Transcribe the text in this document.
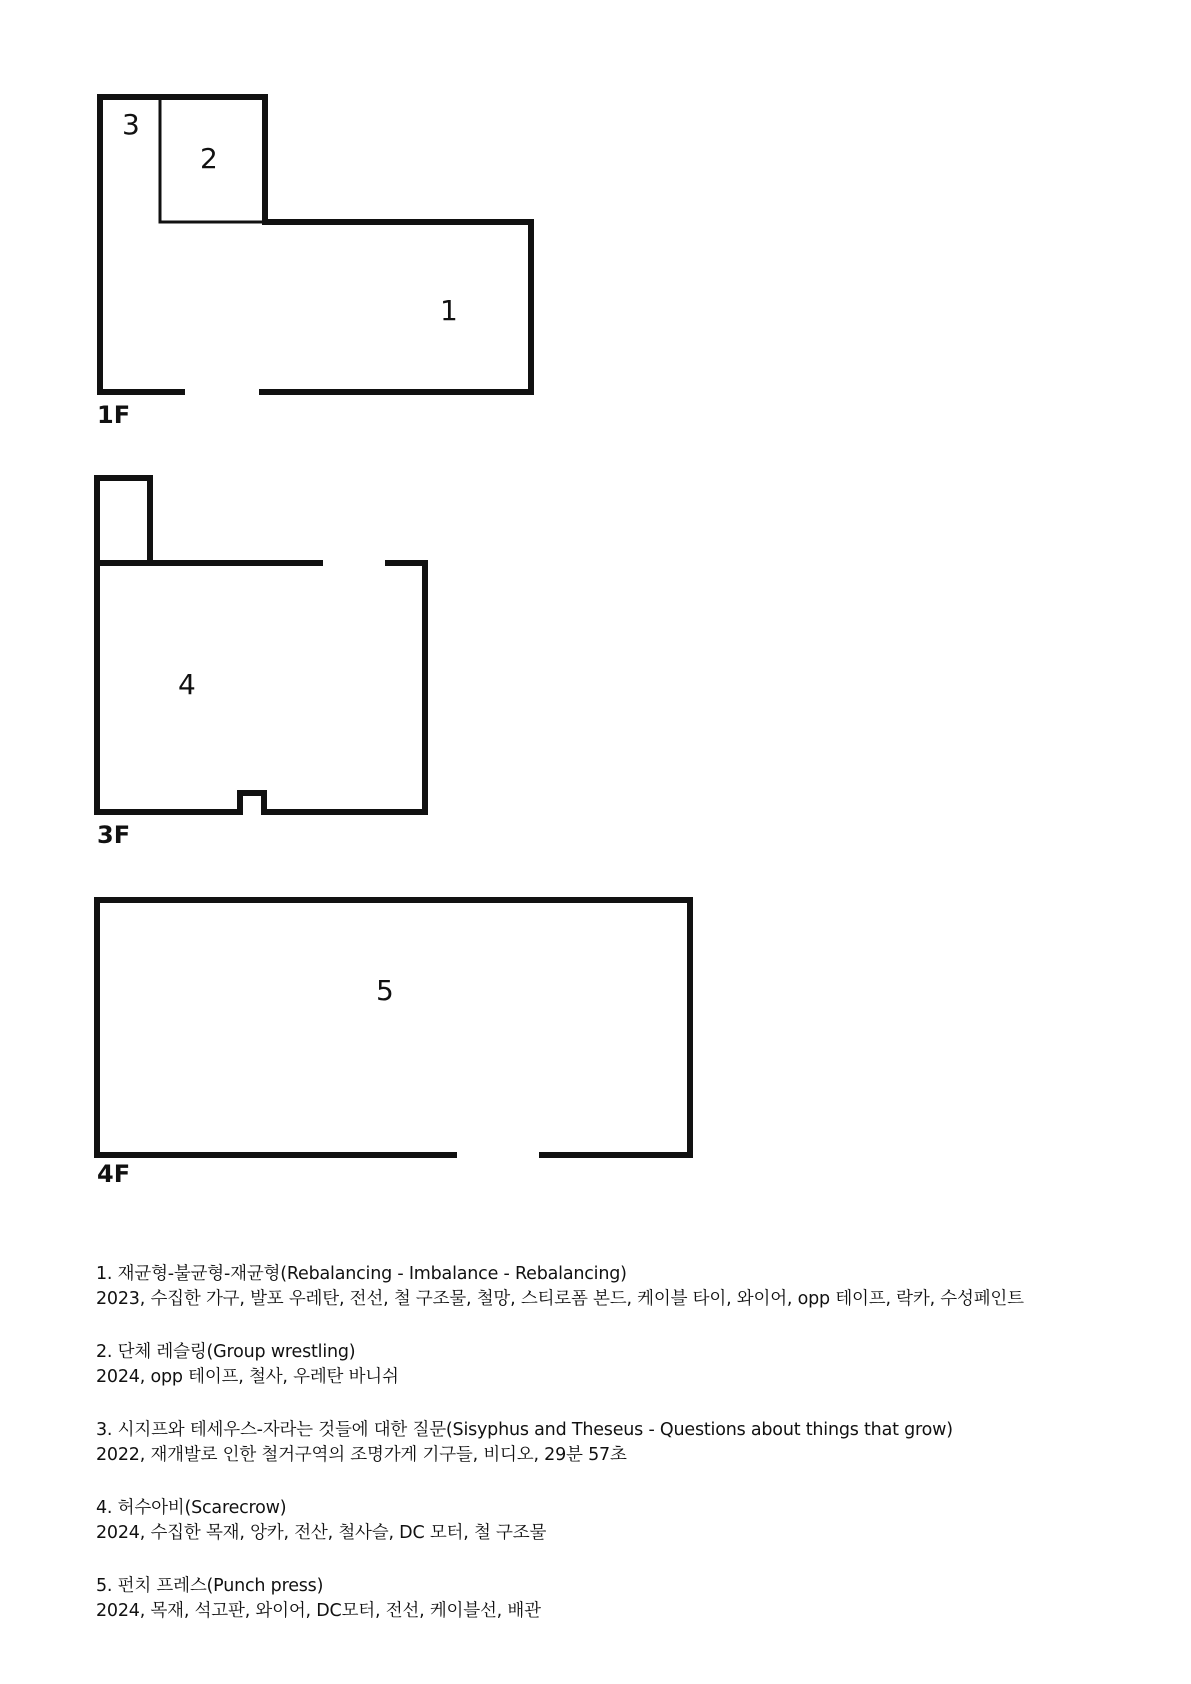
3
2
1
1F
4
3F
5
4F
1. 재균형-불균형-재균형(Rebalancing - Imbalance - Rebalancing)
2023, 수집한 가구, 발포 우레탄, 전선, 철 구조물, 철망, 스티로폼 본드, 케이블 타이, 와이어, opp 테이프, 락카, 수성페인트
2. 단체 레슬링(Group wrestling)
2024, opp 테이프, 철사, 우레탄 바니쉬
3. 시지프와 테세우스-자라는 것들에 대한 질문(Sisyphus and Theseus - Questions about things that grow)
2022, 재개발로 인한 철거구역의 조명가게 기구들, 비디오, 29분 57초
4. 허수아비(Scarecrow)
2024, 수집한 목재, 앙카, 전산, 철사슬, DC 모터, 철 구조물
5. 펀치 프레스(Punch press)
2024, 목재, 석고판, 와이어, DC모터, 전선, 케이블선, 배관
